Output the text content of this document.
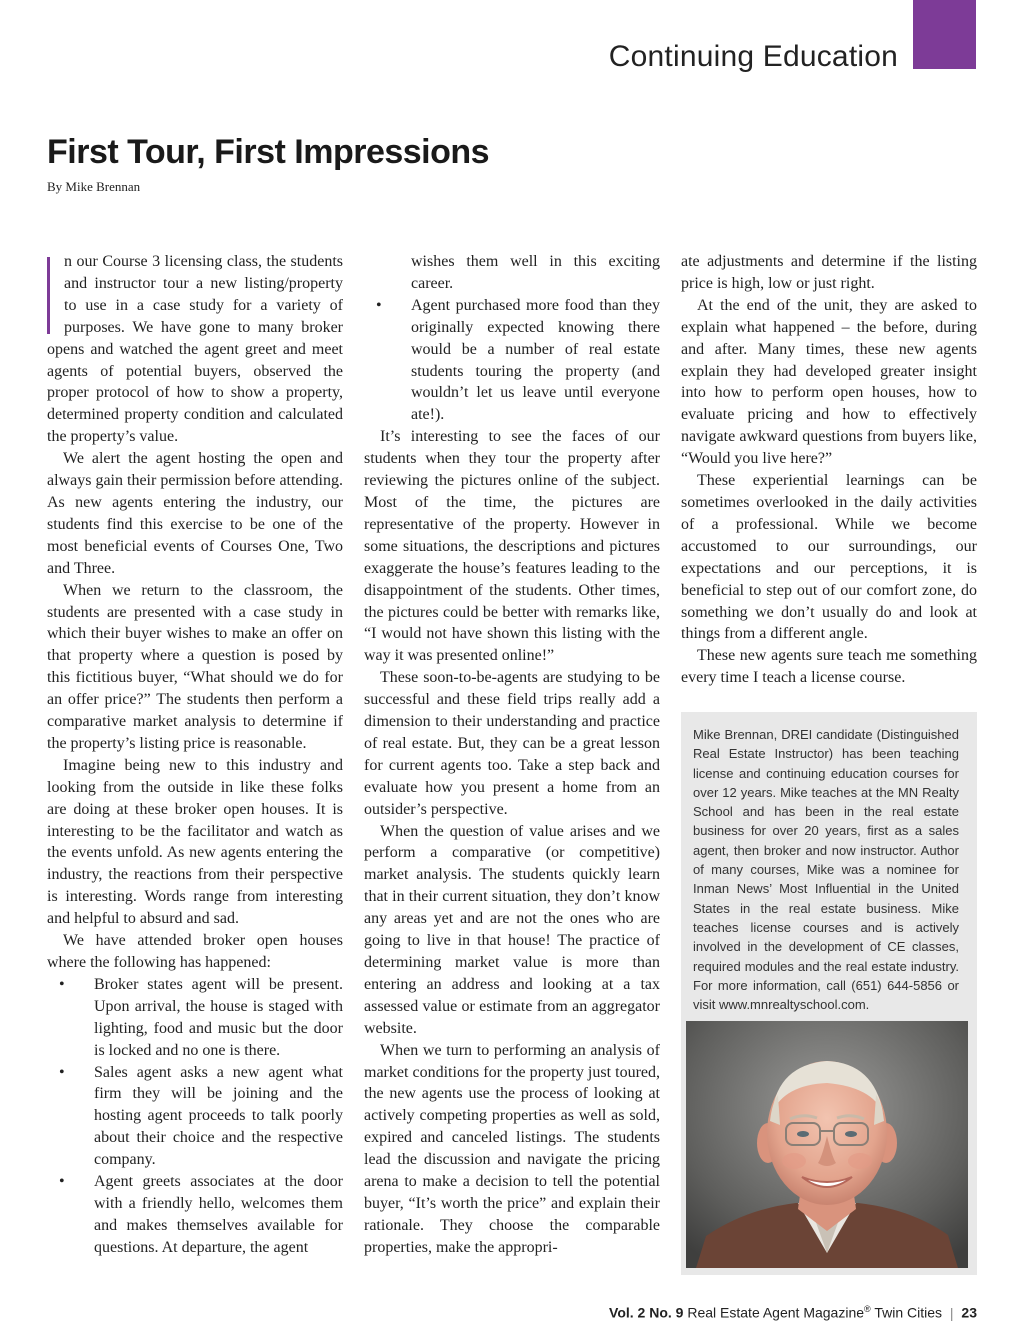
Continuing Education
First Tour, First Impressions
By Mike Brennan

n our Course 3 licensing class, the students and instructor tour a new listing/property to use in a case study for a variety of purposes. We have gone to many broker opens and watched the agent greet and meet agents of potential buyers, observed the proper protocol of how to show a property, determined property condition and calculated the property’s value.

We alert the agent hosting the open and always gain their permission before attending. As new agents entering the industry, our students find this exercise to be one of the most beneficial events of Courses One, Two and Three.

When we return to the classroom, the students are presented with a case study in which their buyer wishes to make an offer on that property where a question is posed by this fictitious buyer, “What should we do for an offer price?” The students then perform a comparative market analysis to determine if the property’s listing price is reasonable.

Imagine being new to this industry and looking from the outside in like these folks are doing at these broker open houses. It is interesting to be the facilitator and watch as the events unfold. As new agents entering the industry, the reactions from their perspective is interesting. Words range from interesting and helpful to absurd and sad.

We have attended broker open houses where the following has happened:

• Broker states agent will be present. Upon arrival, the house is staged with lighting, food and music but the door is locked and no one is there.
• Sales agent asks a new agent what firm they will be joining and the hosting agent proceeds to talk poorly about their choice and the respective company.
• Agent greets associates at the door with a friendly hello, welcomes them and makes themselves available for questions. At departure, the agent

wishes them well in this exciting career.

• Agent purchased more food than they originally expected knowing there would be a number of real estate students touring the property (and wouldn’t let us leave until everyone ate!).

It’s interesting to see the faces of our students when they tour the property after reviewing the pictures online of the subject. Most of the time, the pictures are representative of the property. However in some situations, the descriptions and pictures exaggerate the house’s features leading to the disappointment of the students. Other times, the pictures could be better with remarks like, “I would not have shown this listing with the way it was presented online!”

These soon-to-be-agents are studying to be successful and these field trips really add a dimension to their understanding and practice of real estate. But, they can be a great lesson for current agents too. Take a step back and evaluate how you present a home from an outsider’s perspective.

When the question of value arises and we perform a comparative (or competitive) market analysis. The students quickly learn that in their current situation, they don’t know any areas yet and are not the ones who are going to live in that house! The practice of determining market value is more than entering an address and looking at a tax assessed value or estimate from an aggregator website.

When we turn to performing an analysis of market conditions for the property just toured, the new agents use the process of looking at actively competing properties as well as sold, expired and canceled listings. The students lead the discussion and navigate the pricing arena to make a decision to tell the potential buyer, “It’s worth the price” and explain their rationale. They choose the comparable properties, make the appropri-

ate adjustments and determine if the listing price is high, low or just right.

At the end of the unit, they are asked to explain what happened – the before, during and after. Many times, these new agents explain they had developed greater insight into how to perform open houses, how to evaluate pricing and how to effectively navigate awkward questions from buyers like, “Would you live here?”

These experiential learnings can be sometimes overlooked in the daily activities of a professional. While we become accustomed to our surroundings, our expectations and our perceptions, it is beneficial to step out of our comfort zone, do something we don’t usually do and look at things from a different angle.

These new agents sure teach me something every time I teach a license course.

Mike Brennan, DREI candidate (Distinguished Real Estate Instructor) has been teaching license and continuing education courses for over 12 years. Mike teaches at the MN Realty School and has been in the real estate business for over 20 years, first as a sales agent, then broker and now instructor. Author of many courses, Mike was a nominee for Inman News’ Most Influential in the United States in the real estate business. Mike teaches license courses and is actively involved in the development of CE classes, required modules and the real estate industry. For more information, call (651) 644-5856 or visit www.mnrealtyschool.com.

Vol. 2 No. 9 Real Estate Agent Magazine® Twin Cities | 23
